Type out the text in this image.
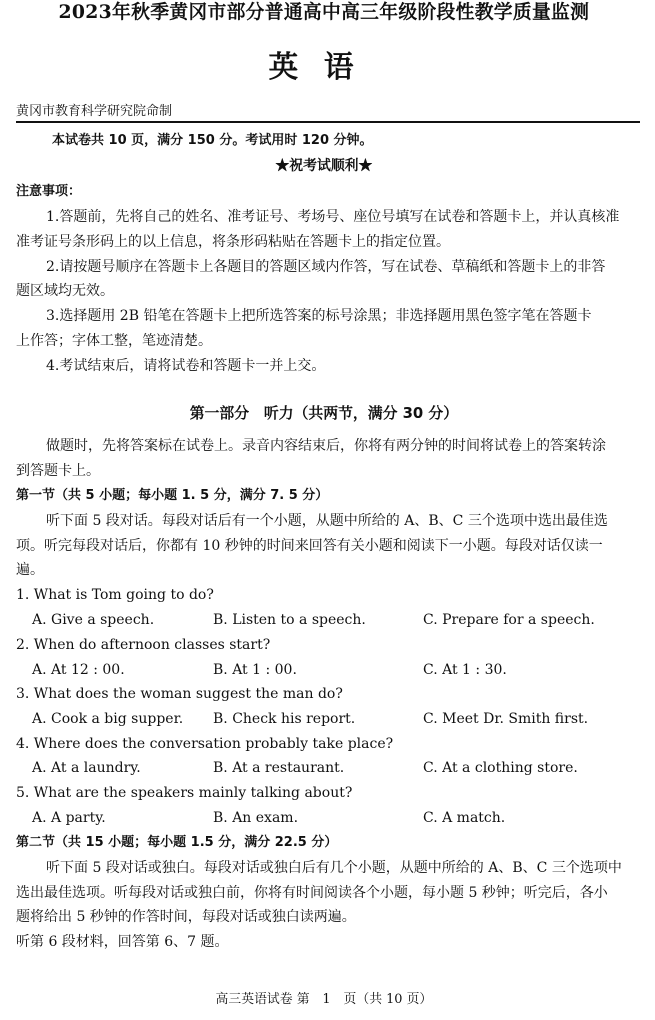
2023年秋季黄冈市部分普通高中高三年级阶段性教学质量监测
英语
黄冈市教育科学研究院命制
本试卷共 10 页，满分 150 分。考试用时 120 分钟。
★祝考试顺利★
注意事项：
1.答题前，先将自己的姓名、准考证号、考场号、座位号填写在试卷和答题卡上，并认真核准
准考证号条形码上的以上信息，将条形码粘贴在答题卡上的指定位置。
2.请按题号顺序在答题卡上各题目的答题区域内作答，写在试卷、草稿纸和答题卡上的非答
题区域均无效。
3.选择题用 2B 铅笔在答题卡上把所选答案的标号涂黑；非选择题用黑色签字笔在答题卡
上作答；字体工整，笔迹清楚。
4.考试结束后，请将试卷和答题卡一并上交。
第一部分　听力（共两节，满分 30 分）
做题时，先将答案标在试卷上。录音内容结束后，你将有两分钟的时间将试卷上的答案转涂
到答题卡上。
第一节（共 5 小题；每小题 1. 5 分，满分 7. 5 分）
听下面 5 段对话。每段对话后有一个小题，从题中所给的 A、B、C 三个选项中选出最佳选
项。听完每段对话后，你都有 10 秒钟的时间来回答有关小题和阅读下一小题。每段对话仅读一
遍。
1. What is Tom going to do?
A. Give a speech.	B. Listen to a speech.	C. Prepare for a speech.
2. When do afternoon classes start?
A. At 12 : 00.	B. At 1 : 00.	C. At 1 : 30.
3. What does the woman suggest the man do?
A. Cook a big supper. B. Check his report.	C. Meet Dr. Smith first.
4. Where does the conversation probably take place?
A. At a laundry.	B. At a restaurant.	C. At a clothing store.
5. What are the speakers mainly talking about?
A. A party.	B. An exam.	C. A match.
第二节（共 15 小题；每小题 1.5 分，满分 22.5 分）
听下面 5 段对话或独白。每段对话或独白后有几个小题，从题中所给的 A、B、C 三个选项中
选出最佳选项。听每段对话或独白前，你将有时间阅读各个小题，每小题 5 秒钟；听完后，各小
题将给出 5 秒钟的作答时间，每段对话或独白读两遍。
听第 6 段材料，回答第 6、7 题。
高三英语试卷 第　1　页（共 10 页）
